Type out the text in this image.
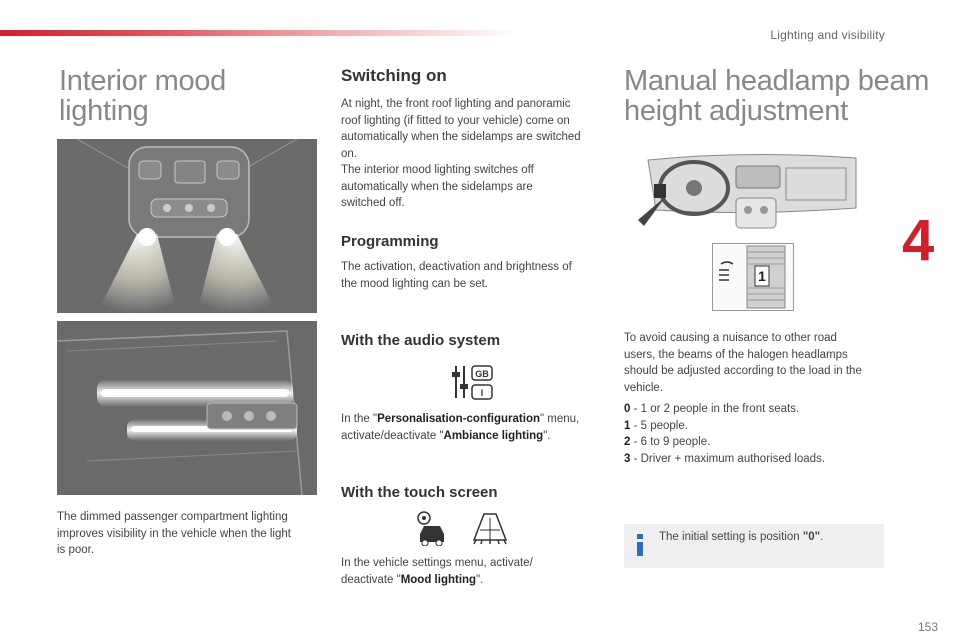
Lighting and visibility
4
153
Interior mood
lighting
The dimmed passenger compartment lighting
improves visibility in the vehicle when the light
is poor.
Switching on
At night, the front roof lighting and panoramic
roof lighting (if fitted to your vehicle) come on
automatically when the sidelamps are switched
on.
The interior mood lighting switches off
automatically when the sidelamps are
switched off.
Programming
The activation, deactivation and brightness of
the mood lighting can be set.
With the audio system
GB
I
In the "Personalisation-configuration" menu,
activate/deactivate "Ambiance lighting".
With the touch screen
In the vehicle settings menu, activate/
deactivate "Mood lighting".
Manual headlamp beam
height adjustment
1
To avoid causing a nuisance to other road
users, the beams of the halogen headlamps
should be adjusted according to the load in the
vehicle.
0 - 1 or 2 people in the front seats.
1 - 5 people.
2 - 6 to 9 people.
3 - Driver + maximum authorised loads.
The initial setting is position "0".
